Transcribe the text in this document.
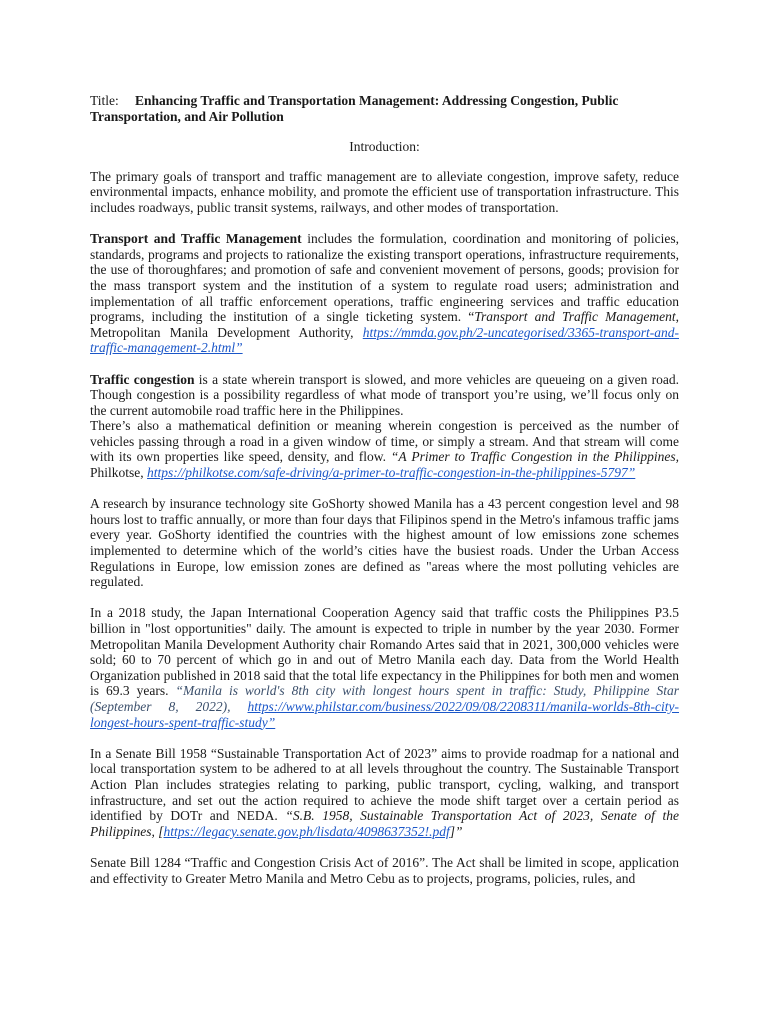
Title: Enhancing Traffic and Transportation Management: Addressing Congestion, Public Transportation, and Air Pollution

Introduction:

The primary goals of transport and traffic management are to alleviate congestion, improve safety, reduce environmental impacts, enhance mobility, and promote the efficient use of transportation infrastructure. This includes roadways, public transit systems, railways, and other modes of transportation.

Transport and Traffic Management includes the formulation, coordination and monitoring of policies, standards, programs and projects to rationalize the existing transport operations, infrastructure requirements, the use of thoroughfares; and promotion of safe and convenient movement of persons, goods; provision for the mass transport system and the institution of a system to regulate road users; administration and implementation of all traffic enforcement operations, traffic engineering services and traffic education programs, including the institution of a single ticketing system. “Transport and Traffic Management, Metropolitan Manila Development Authority, https://mmda.gov.ph/2-uncategorised/3365-transport-and-traffic-management-2.html”

Traffic congestion is a state wherein transport is slowed, and more vehicles are queueing on a given road. Though congestion is a possibility regardless of what mode of transport you’re using, we’ll focus only on the current automobile road traffic here in the Philippines.

There’s also a mathematical definition or meaning wherein congestion is perceived as the number of vehicles passing through a road in a given window of time, or simply a stream. And that stream will come with its own properties like speed, density, and flow. “A Primer to Traffic Congestion in the Philippines, Philkotse, https://philkotse.com/safe-driving/a-primer-to-traffic-congestion-in-the-philippines-5797”

A research by insurance technology site GoShorty showed Manila has a 43 percent congestion level and 98 hours lost to traffic annually, or more than four days that Filipinos spend in the Metro's infamous traffic jams every year. GoShorty identified the countries with the highest amount of low emissions zone schemes implemented to determine which of the world’s cities have the busiest roads. Under the Urban Access Regulations in Europe, low emission zones are defined as "areas where the most polluting vehicles are regulated.

In a 2018 study, the Japan International Cooperation Agency said that traffic costs the Philippines P3.5 billion in "lost opportunities" daily. The amount is expected to triple in number by the year 2030. Former Metropolitan Manila Development Authority chair Romando Artes said that in 2021, 300,000 vehicles were sold; 60 to 70 percent of which go in and out of Metro Manila each day. Data from the World Health Organization published in 2018 said that the total life expectancy in the Philippines for both men and women is 69.3 years. “Manila is world's 8th city with longest hours spent in traffic: Study, Philippine Star (September 8, 2022), https://www.philstar.com/business/2022/09/08/2208311/manila-worlds-8th-city-longest-hours-spent-traffic-study”

In a Senate Bill 1958 “Sustainable Transportation Act of 2023” aims to provide roadmap for a national and local transportation system to be adhered to at all levels throughout the country. The Sustainable Transport Action Plan includes strategies relating to parking, public transport, cycling, walking, and transport infrastructure, and set out the action required to achieve the mode shift target over a certain period as identified by DOTr and NEDA. “S.B. 1958, Sustainable Transportation Act of 2023, Senate of the Philippines, [https://legacy.senate.gov.ph/lisdata/4098637352!.pdf]”

Senate Bill 1284 “Traffic and Congestion Crisis Act of 2016”. The Act shall be limited in scope, application and effectivity to Greater Metro Manila and Metro Cebu as to projects, programs, policies, rules, and
